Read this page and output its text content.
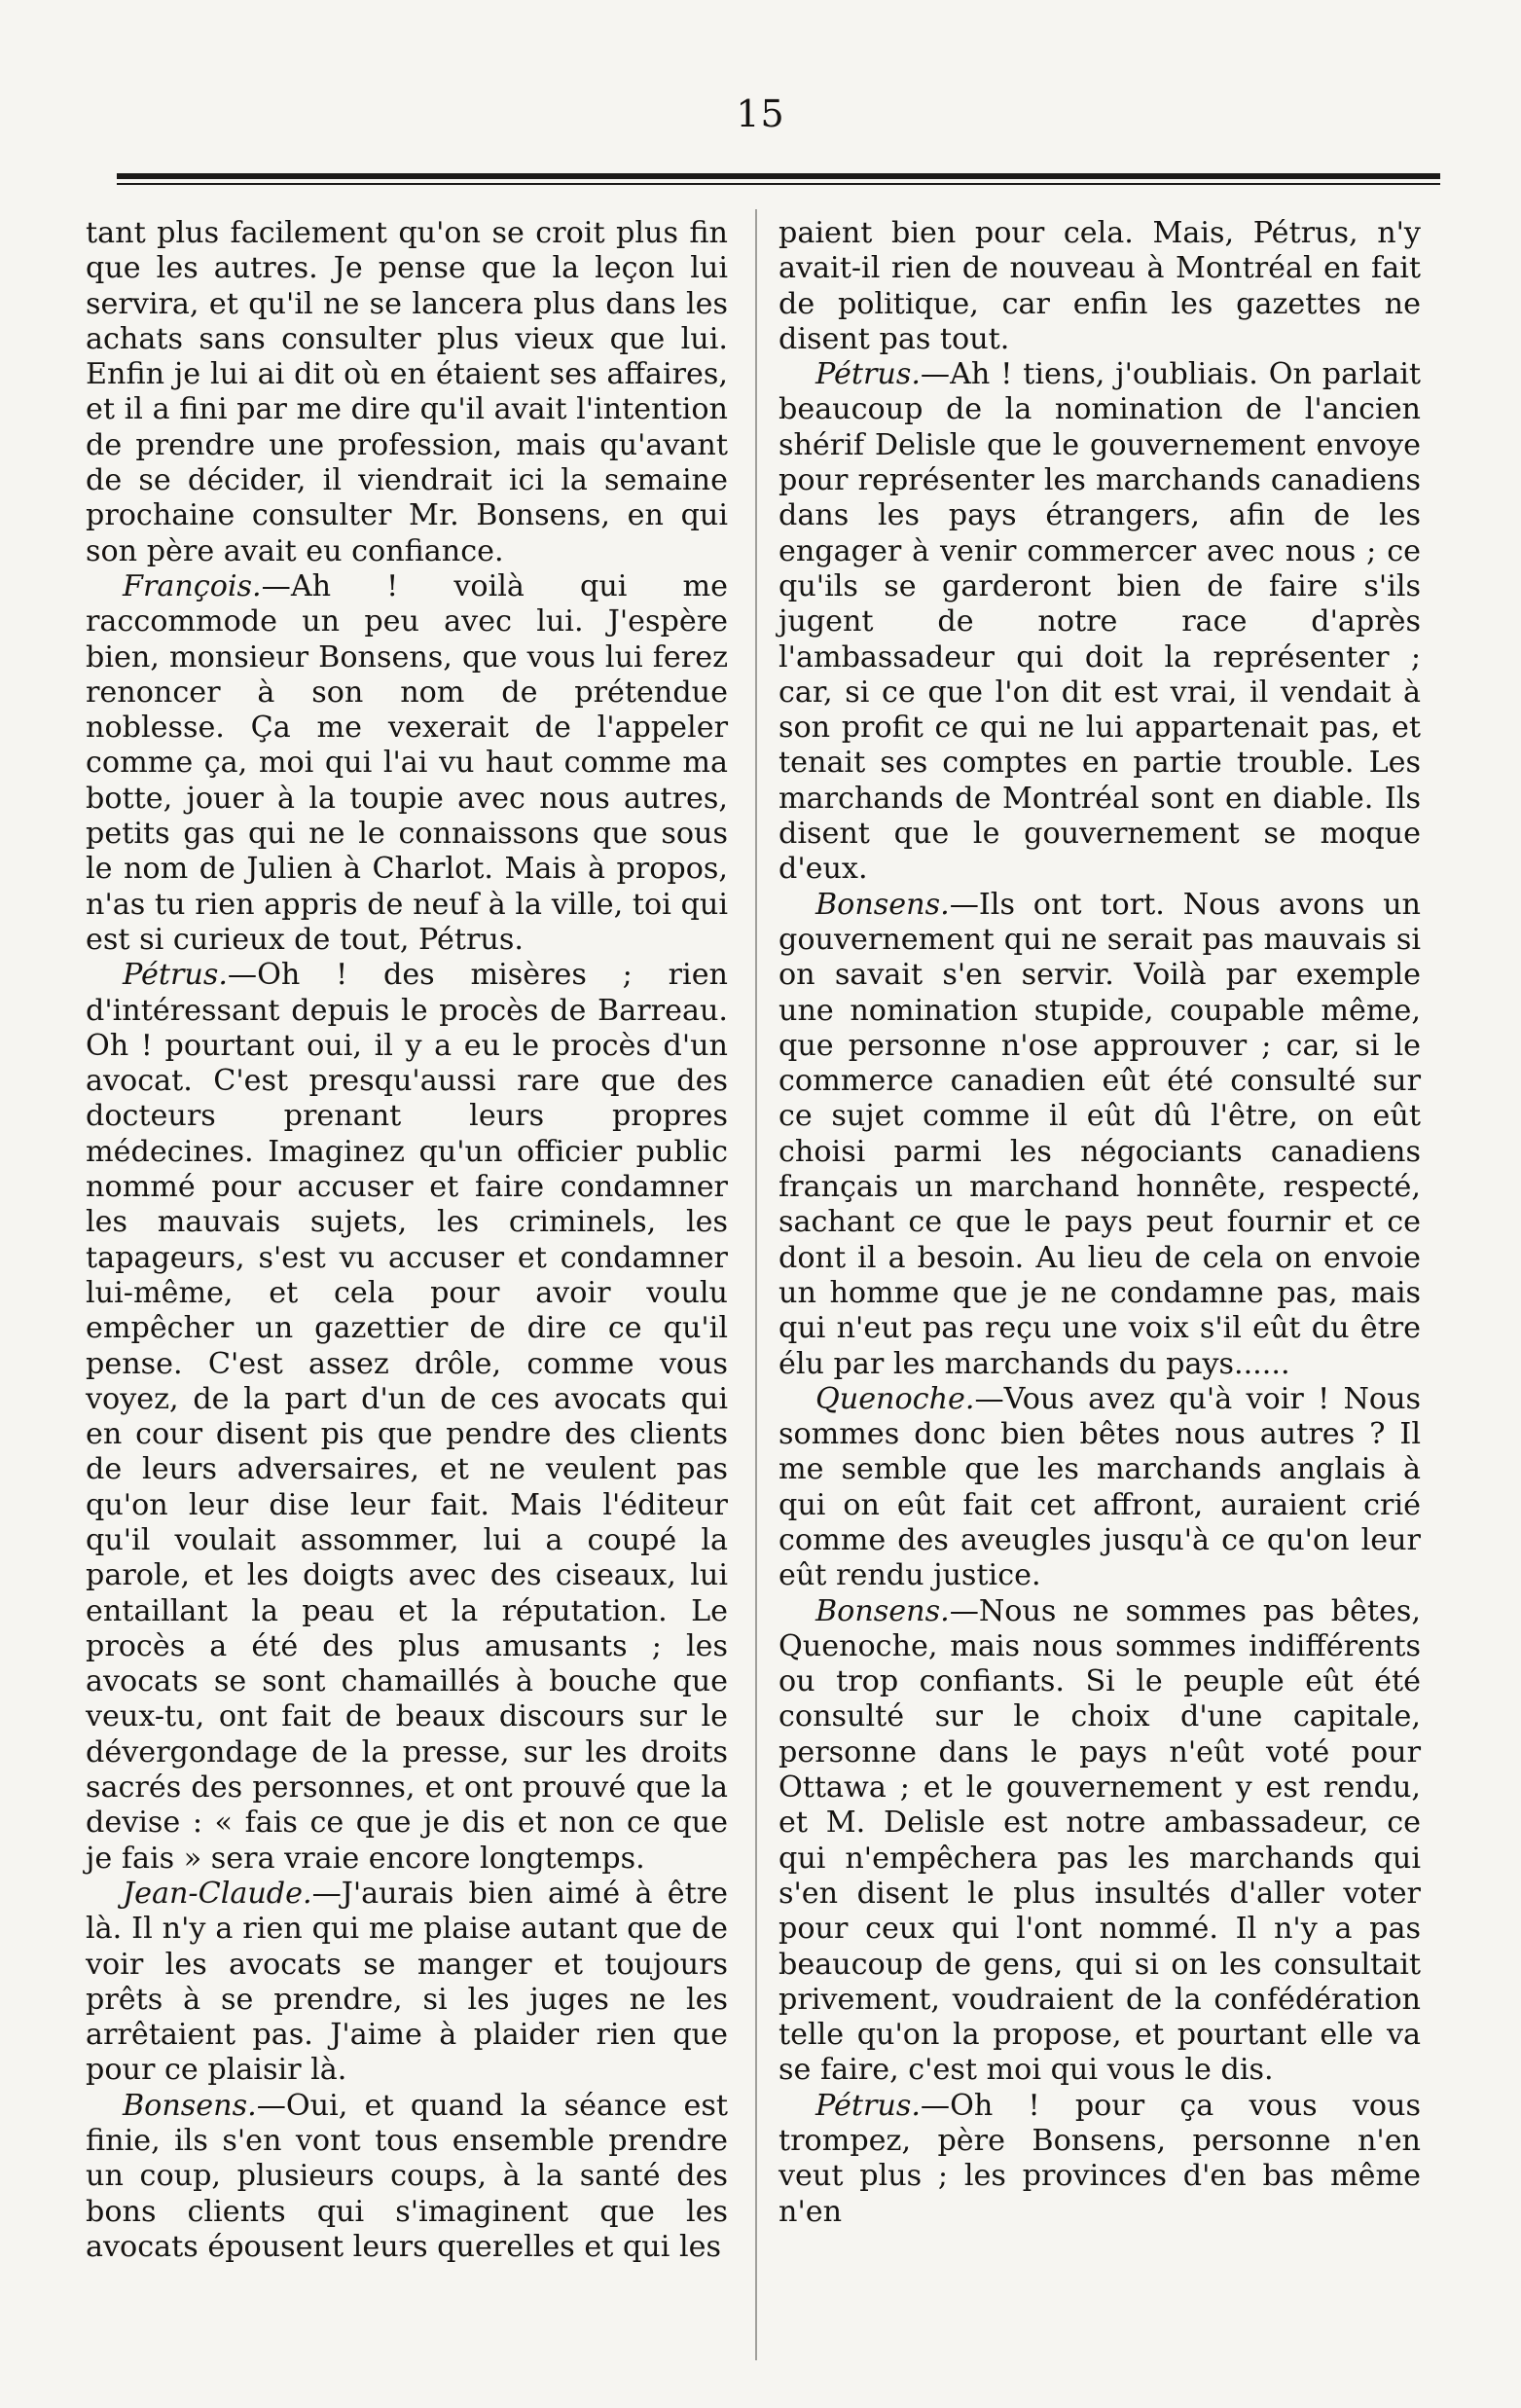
15

tant plus facilement qu'on se croit plus fin que les autres. Je pense que la leçon lui servira, et qu'il ne se lancera plus dans les achats sans consulter plus vieux que lui. Enfin je lui ai dit où en étaient ses affaires, et il a fini par me dire qu'il avait l'intention de prendre une profession, mais qu'avant de se décider, il viendrait ici la semaine prochaine consulter Mr. Bonsens, en qui son père avait eu confiance.

François.—Ah ! voilà qui me raccommode un peu avec lui. J'espère bien, monsieur Bonsens, que vous lui ferez renoncer à son nom de prétendue noblesse. Ça me vexerait de l'appeler comme ça, moi qui l'ai vu haut comme ma botte, jouer à la toupie avec nous autres, petits gas qui ne le connaissons que sous le nom de Julien à Charlot. Mais à propos, n'as tu rien appris de neuf à la ville, toi qui est si curieux de tout, Pétrus.

Pétrus.—Oh ! des misères ; rien d'intéressant depuis le procès de Barreau. Oh ! pourtant oui, il y a eu le procès d'un avocat. C'est presqu'aussi rare que des docteurs prenant leurs propres médecines. Imaginez qu'un officier public nommé pour accuser et faire condamner les mauvais sujets, les criminels, les tapageurs, s'est vu accuser et condamner lui-même, et cela pour avoir voulu empêcher un gazettier de dire ce qu'il pense. C'est assez drôle, comme vous voyez, de la part d'un de ces avocats qui en cour disent pis que pendre des clients de leurs adversaires, et ne veulent pas qu'on leur dise leur fait. Mais l'éditeur qu'il voulait assommer, lui a coupé la parole, et les doigts avec des ciseaux, lui entaillant la peau et la réputation. Le procès a été des plus amusants ; les avocats se sont chamaillés à bouche que veux-tu, ont fait de beaux discours sur le dévergondage de la presse, sur les droits sacrés des personnes, et ont prouvé que la devise : « fais ce que je dis et non ce que je fais » sera vraie encore longtemps.

Jean-Claude.—J'aurais bien aimé à être là. Il n'y a rien qui me plaise autant que de voir les avocats se manger et toujours prêts à se prendre, si les juges ne les arrêtaient pas. J'aime à plaider rien que pour ce plaisir là.

Bonsens.—Oui, et quand la séance est finie, ils s'en vont tous ensemble prendre un coup, plusieurs coups, à la santé des bons clients qui s'imaginent que les avocats épousent leurs querelles et qui les

paient bien pour cela. Mais, Pétrus, n'y avait-il rien de nouveau à Montréal en fait de politique, car enfin les gazettes ne disent pas tout.

Pétrus.—Ah ! tiens, j'oubliais. On parlait beaucoup de la nomination de l'ancien shérif Delisle que le gouvernement envoye pour représenter les marchands canadiens dans les pays étrangers, afin de les engager à venir commercer avec nous ; ce qu'ils se garderont bien de faire s'ils jugent de notre race d'après l'ambassadeur qui doit la représenter ; car, si ce que l'on dit est vrai, il vendait à son profit ce qui ne lui appartenait pas, et tenait ses comptes en partie trouble. Les marchands de Montréal sont en diable. Ils disent que le gouvernement se moque d'eux.

Bonsens.—Ils ont tort. Nous avons un gouvernement qui ne serait pas mauvais si on savait s'en servir. Voilà par exemple une nomination stupide, coupable même, que personne n'ose approuver ; car, si le commerce canadien eût été consulté sur ce sujet comme il eût dû l'être, on eût choisi parmi les négociants canadiens français un marchand honnête, respecté, sachant ce que le pays peut fournir et ce dont il a besoin. Au lieu de cela on envoie un homme que je ne condamne pas, mais qui n'eut pas reçu une voix s'il eût du être élu par les marchands du pays......

Quenoche.—Vous avez qu'à voir ! Nous sommes donc bien bêtes nous autres ? Il me semble que les marchands anglais à qui on eût fait cet affront, auraient crié comme des aveugles jusqu'à ce qu'on leur eût rendu justice.

Bonsens.—Nous ne sommes pas bêtes, Quenoche, mais nous sommes indifférents ou trop confiants. Si le peuple eût été consulté sur le choix d'une capitale, personne dans le pays n'eût voté pour Ottawa ; et le gouvernement y est rendu, et M. Delisle est notre ambassadeur, ce qui n'empêchera pas les marchands qui s'en disent le plus insultés d'aller voter pour ceux qui l'ont nommé. Il n'y a pas beaucoup de gens, qui si on les consultait privement, voudraient de la confédération telle qu'on la propose, et pourtant elle va se faire, c'est moi qui vous le dis.

Pétrus.—Oh ! pour ça vous vous trompez, père Bonsens, personne n'en veut plus ; les provinces d'en bas même n'en
